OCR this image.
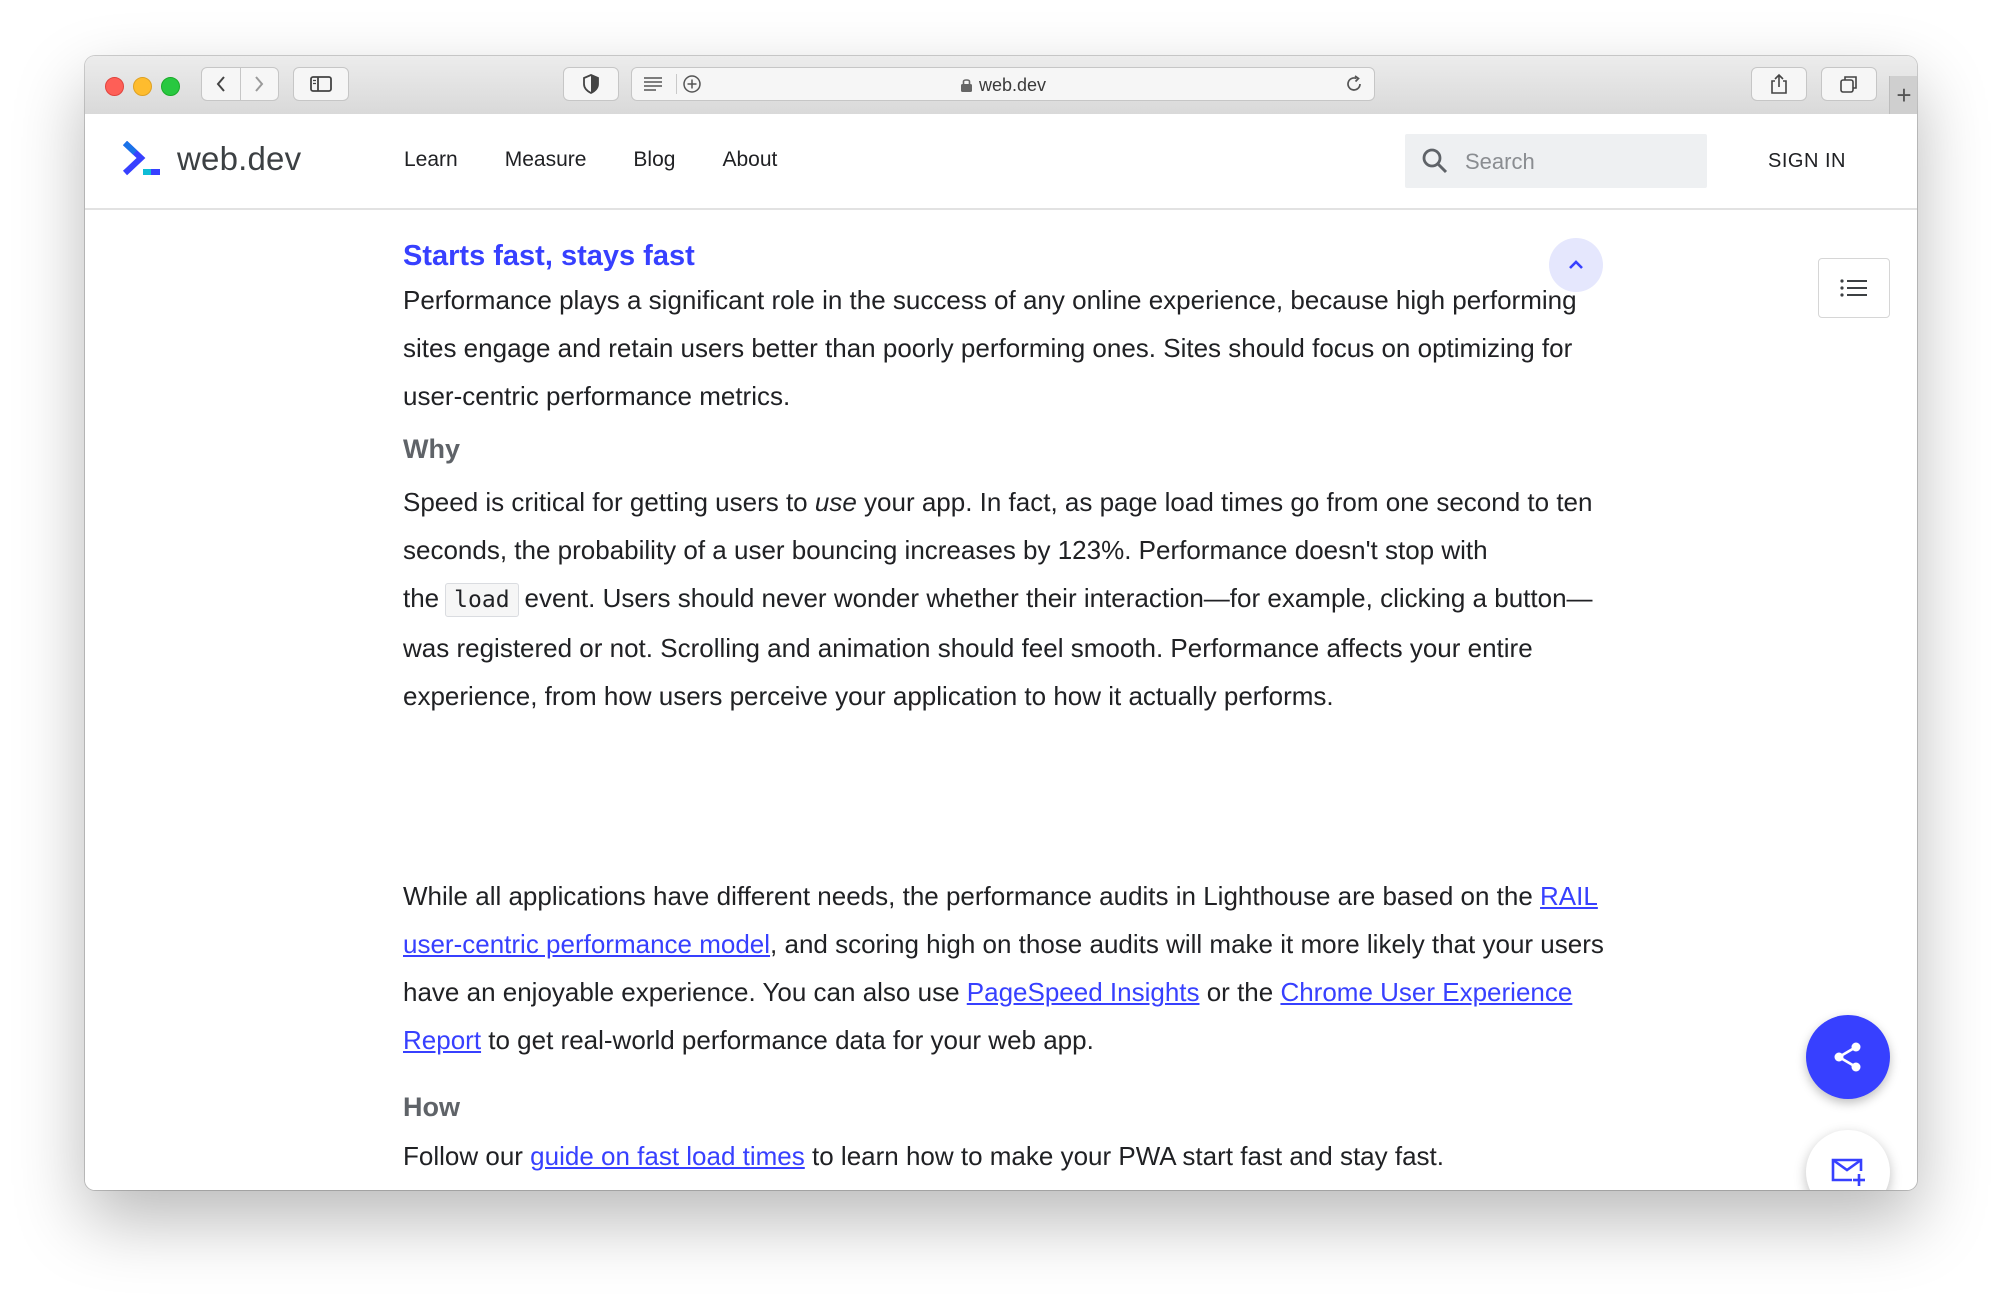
web.dev	+
web.dev	Learn Measure Blog About
Search	SIGN IN
Starts fast, stays fast

Performance plays a significant role in the success of any online experience, because high performing sites engage and retain users better than poorly performing ones. Sites should focus on optimizing for user-centric performance metrics.

Why

Speed is critical for getting users to use your app. In fact, as page load times go from one second to ten seconds, the probability of a user bouncing increases by 123%. Performance doesn't stop with the load event. Users should never wonder whether their interaction—for example, clicking a button—was registered or not. Scrolling and animation should feel smooth. Performance affects your entire experience, from how users perceive your application to how it actually performs.

While all applications have different needs, the performance audits in Lighthouse are based on the RAIL user-centric performance model, and scoring high on those audits will make it more likely that your users have an enjoyable experience. You can also use PageSpeed Insights or the Chrome User Experience Report to get real-world performance data for your web app.

How

Follow our guide on fast load times to learn how to make your PWA start fast and stay fast.
